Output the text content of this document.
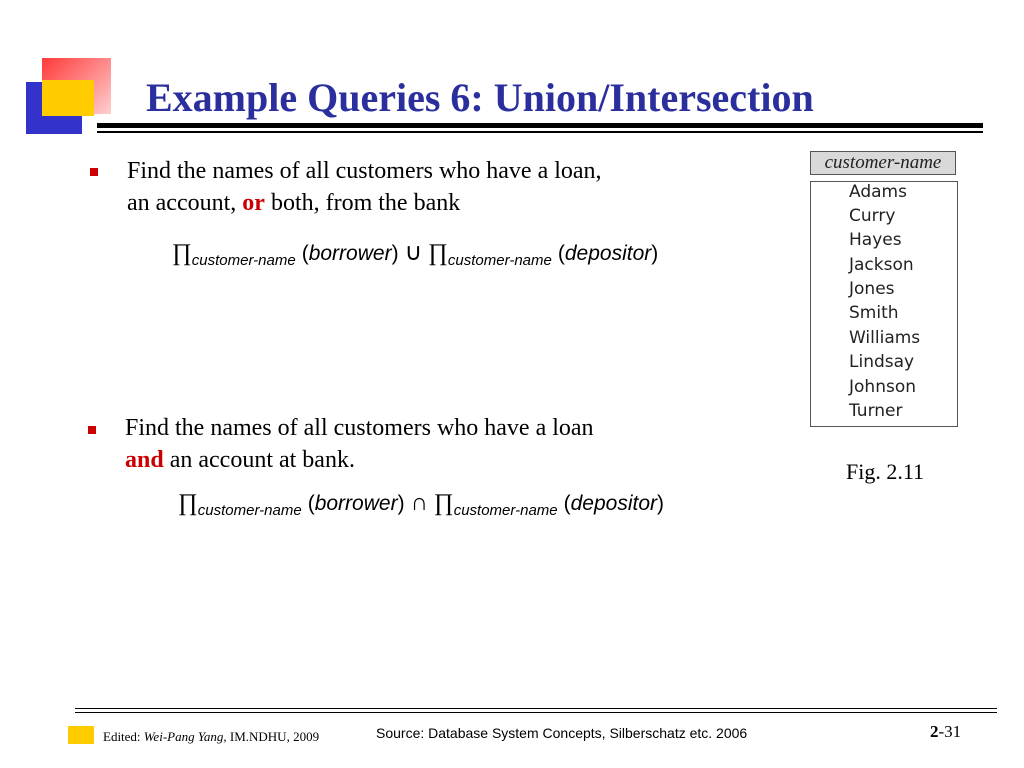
Example Queries 6: Union/Intersection
Find the names of all customers who have a loan,
an account, or both, from the bank
$\prod_{customer-name}$ (borrower) ∪ $\prod_{customer-name}$ (depositor)
Find the names of all customers who have a loan
and an account at bank.
$\prod_{customer-name}$ (borrower) ∩ $\prod_{customer-name}$ (depositor)
customer-name
Adams
Curry
Hayes
Jackson
Jones
Smith
Williams
Lindsay
Johnson
Turner
Fig. 2.11
Edited: Wei-Pang Yang, IM.NDHU, 2009	Source: Database System Concepts, Silberschatz etc. 2006	2-31
